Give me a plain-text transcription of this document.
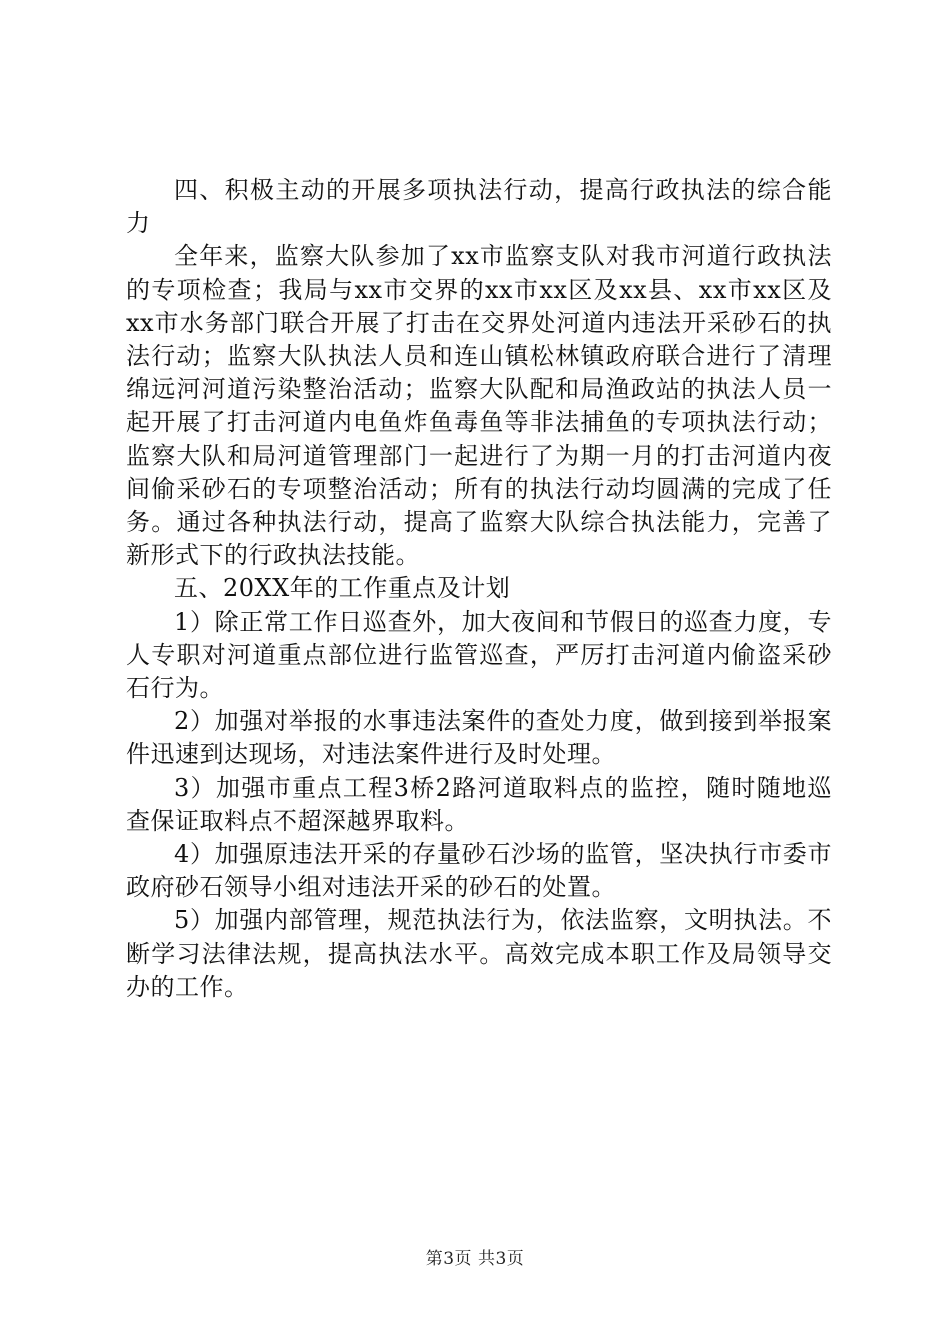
四、积极主动的开展多项执法行动，提高行政执法的综合能力

全年来，监察大队参加了xx市监察支队对我市河道行政执法的专项检查；我局与xx市交界的xx市xx区及xx县、xx市xx区及xx市水务部门联合开展了打击在交界处河道内违法开采砂石的执法行动；监察大队执法人员和连山镇松林镇政府联合进行了清理绵远河河道污染整治活动；监察大队配和局渔政站的执法人员一起开展了打击河道内电鱼炸鱼毒鱼等非法捕鱼的专项执法行动；监察大队和局河道管理部门一起进行了为期一月的打击河道内夜间偷采砂石的专项整治活动；所有的执法行动均圆满的完成了任务。通过各种执法行动，提高了监察大队综合执法能力，完善了新形式下的行政执法技能。

五、20XX年的工作重点及计划

1）除正常工作日巡查外，加大夜间和节假日的巡查力度，专人专职对河道重点部位进行监管巡查，严厉打击河道内偷盗采砂石行为。

2）加强对举报的水事违法案件的查处力度，做到接到举报案件迅速到达现场，对违法案件进行及时处理。

3）加强市重点工程3桥2路河道取料点的监控，随时随地巡查保证取料点不超深越界取料。

4）加强原违法开采的存量砂石沙场的监管，坚决执行市委市政府砂石领导小组对违法开采的砂石的处置。

5）加强内部管理，规范执法行为，依法监察，文明执法。不断学习法律法规，提高执法水平。高效完成本职工作及局领导交办的工作。

第3页 共3页
